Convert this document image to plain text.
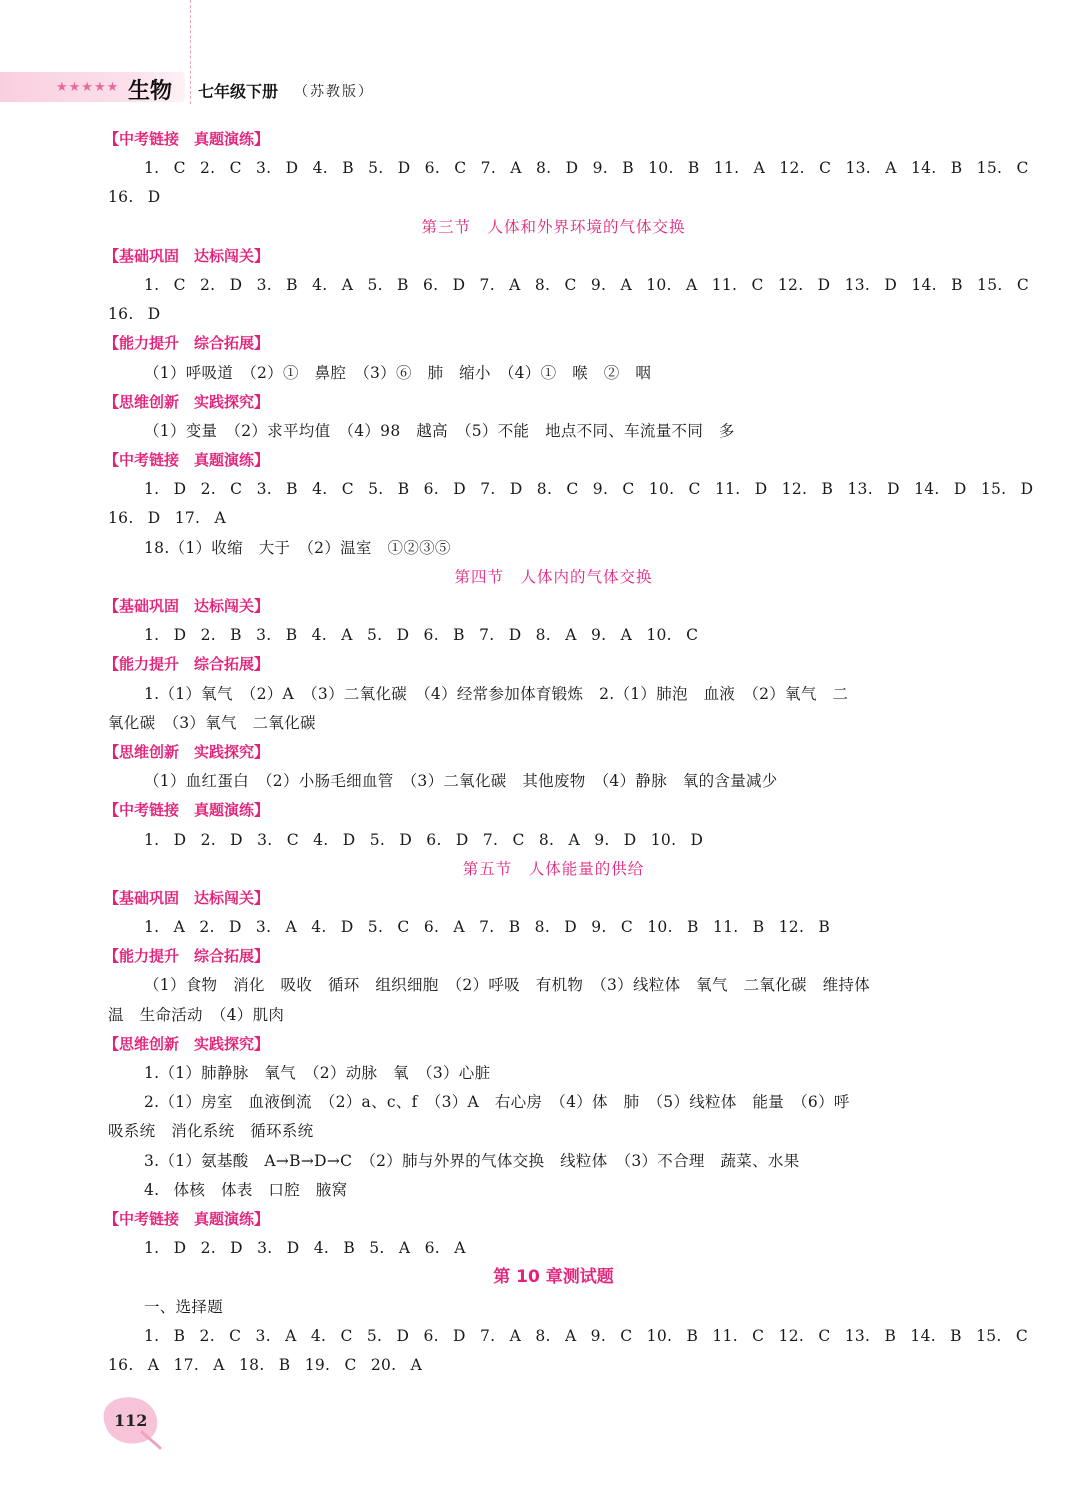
★★★★★ 生物 七年级下册 （苏教版）
【中考链接　真题演练】
1. C 2. C 3. D 4. B 5. D 6. C 7. A 8. D 9. B 10. B 11. A 12. C 13. A 14. B 15. C
16. D
第三节　人体和外界环境的气体交换
【基础巩固　达标闯关】
1. C 2. D 3. B 4. A 5. B 6. D 7. A 8. C 9. A 10. A 11. C 12. D 13. D 14. B 15. C
16. D
【能力提升　综合拓展】
（1）呼吸道　（2）①　鼻腔　（3）⑥　肺　缩小　（4）①　喉　②　咽
【思维创新　实践探究】
（1）变量　（2）求平均值　（4）98　越高　（5）不能　地点不同、车流量不同　多
【中考链接　真题演练】
1. D 2. C 3. B 4. C 5. B 6. D 7. D 8. C 9. C 10. C 11. D 12. B 13. D 14. D 15. D
16. D 17. A
18.（1）收缩　大于　（2）温室　①②③⑤
第四节　人体内的气体交换
【基础巩固　达标闯关】
1. D 2. B 3. B 4. A 5. D 6. B 7. D 8. A 9. A 10. C
【能力提升　综合拓展】
1.（1）氧气　（2）A　（3）二氧化碳　（4）经常参加体育锻炼　2.（1）肺泡　血液　（2）氧气　二
氧化碳　（3）氧气　二氧化碳
【思维创新　实践探究】
（1）血红蛋白　（2）小肠毛细血管　（3）二氧化碳　其他废物　（4）静脉　氧的含量减少
【中考链接　真题演练】
1. D 2. D 3. C 4. D 5. D 6. D 7. C 8. A 9. D 10. D
第五节　人体能量的供给
【基础巩固　达标闯关】
1. A 2. D 3. A 4. D 5. C 6. A 7. B 8. D 9. C 10. B 11. B 12. B
【能力提升　综合拓展】
（1）食物　消化　吸收　循环　组织细胞　（2）呼吸　有机物　（3）线粒体　氧气　二氧化碳　维持体
温　生命活动　（4）肌肉
【思维创新　实践探究】
1.（1）肺静脉　氧气　（2）动脉　氧　（3）心脏
2.（1）房室　血液倒流　（2）a、c、f　（3）A　右心房　（4）体　肺　（5）线粒体　能量　（6）呼
吸系统　消化系统　循环系统
3.（1）氨基酸　A→B→D→C　（2）肺与外界的气体交换　线粒体　（3）不合理　蔬菜、水果
4. 体核　体表　口腔　腋窝
【中考链接　真题演练】
1. D 2. D 3. D 4. B 5. A 6. A
第 10 章测试题
一、选择题
1. B 2. C 3. A 4. C 5. D 6. D 7. A 8. A 9. C 10. B 11. C 12. C 13. B 14. B 15. C
16. A 17. A 18. B 19. C 20. A
112
